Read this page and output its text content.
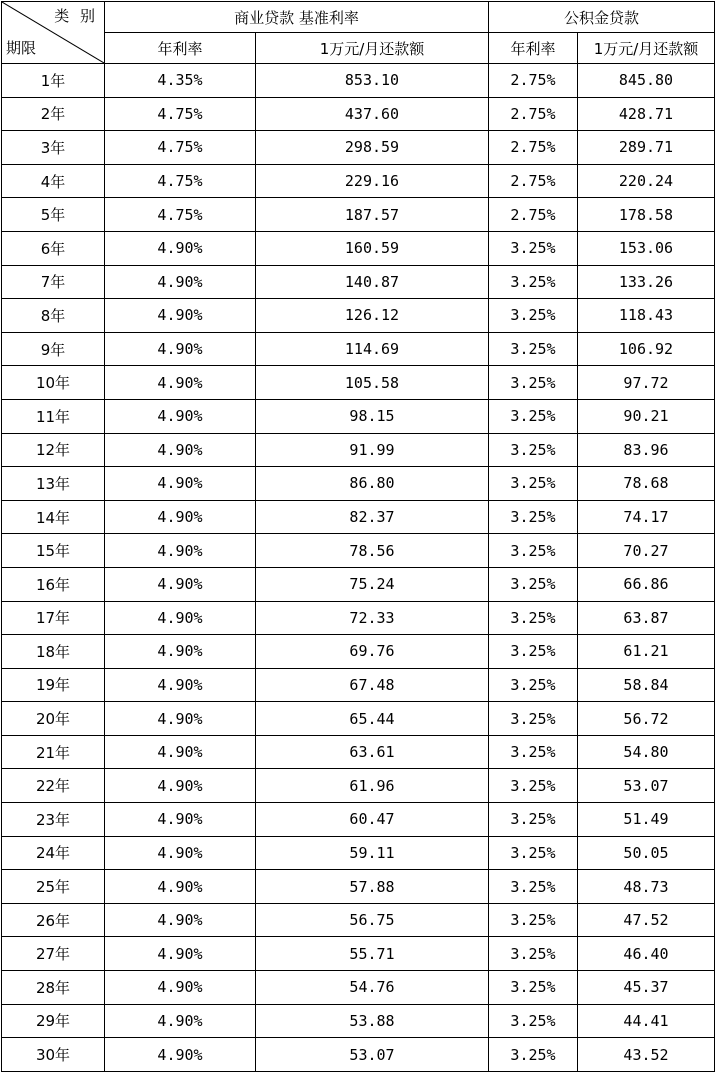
类 别
期限	商业贷款 基准利率		公积金贷款	
	年利率	1万元/月还款额	年利率	1万元/月还款额
1年	4.35%	853.10	2.75%	845.80
2年	4.75%	437.60	2.75%	428.71
3年	4.75%	298.59	2.75%	289.71
4年	4.75%	229.16	2.75%	220.24
5年	4.75%	187.57	2.75%	178.58
6年	4.90%	160.59	3.25%	153.06
7年	4.90%	140.87	3.25%	133.26
8年	4.90%	126.12	3.25%	118.43
9年	4.90%	114.69	3.25%	106.92
10年	4.90%	105.58	3.25%	97.72
11年	4.90%	98.15	3.25%	90.21
12年	4.90%	91.99	3.25%	83.96
13年	4.90%	86.80	3.25%	78.68
14年	4.90%	82.37	3.25%	74.17
15年	4.90%	78.56	3.25%	70.27
16年	4.90%	75.24	3.25%	66.86
17年	4.90%	72.33	3.25%	63.87
18年	4.90%	69.76	3.25%	61.21
19年	4.90%	67.48	3.25%	58.84
20年	4.90%	65.44	3.25%	56.72
21年	4.90%	63.61	3.25%	54.80
22年	4.90%	61.96	3.25%	53.07
23年	4.90%	60.47	3.25%	51.49
24年	4.90%	59.11	3.25%	50.05
25年	4.90%	57.88	3.25%	48.73
26年	4.90%	56.75	3.25%	47.52
27年	4.90%	55.71	3.25%	46.40
28年	4.90%	54.76	3.25%	45.37
29年	4.90%	53.88	3.25%	44.41
30年	4.90%	53.07	3.25%	43.52
